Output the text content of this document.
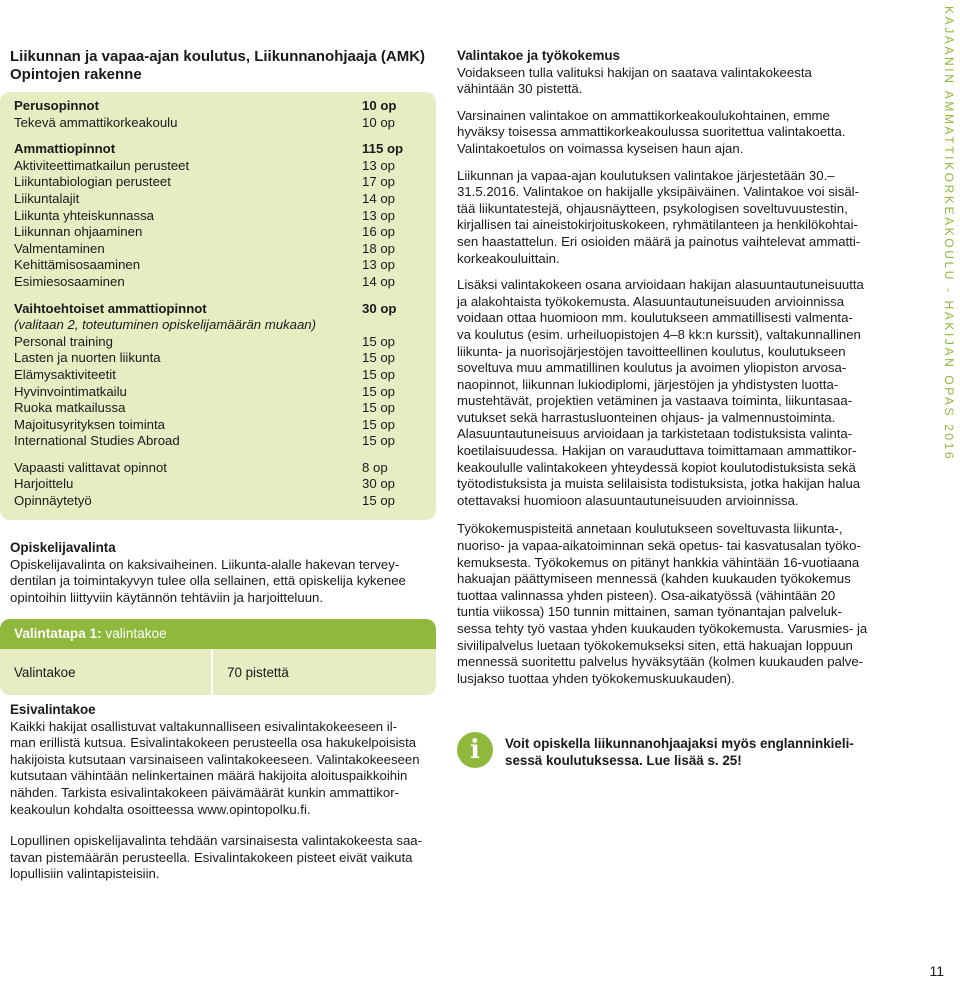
Liikunnan ja vapaa-ajan koulutus, Liikunnanohjaaja (AMK)
Opintojen rakenne
Perusopinnot	10 op
Tekevä ammattikorkeakoulu	10 op
Ammattiopinnot	115 op
Aktiviteettimatkailun perusteet	13 op
Liikuntabiologian perusteet	17 op
Liikuntalajit	14 op
Liikunta yhteiskunnassa	13 op
Liikunnan ohjaaminen	16 op
Valmentaminen	18 op
Kehittämisosaaminen	13 op
Esimiesosaaminen	14 op
Vaihtoehtoiset ammattiopinnot	30 op
(valitaan 2, toteutuminen opiskelijamäärän mukaan)
Personal training	15 op
Lasten ja nuorten liikunta	15 op
Elämysaktiviteetit	15 op
Hyvinvointimatkailu	15 op
Ruoka matkailussa	15 op
Majoitusyrityksen toiminta	15 op
International Studies Abroad	15 op
Vapaasti valittavat opinnot	8 op
Harjoittelu	30 op
Opinnäytetyö	15 op
Opiskelijavalinta
Opiskelijavalinta on kaksivaiheinen. Liikunta-alalle hakevan tervey-
dentilan ja toimintakyvyn tulee olla sellainen, että opiskelija kykenee
opintoihin liittyviin käytännön tehtäviin ja harjoitteluun.
Valintatapa 1: valintakoe
Valintakoe	70 pistettä
Esivalintakoe
Kaikki hakijat osallistuvat valtakunnalliseen esivalintakokeeseen il-
man erillistä kutsua. Esivalintakokeen perusteella osa hakukelpoisista
hakijoista kutsutaan varsinaiseen valintakokeeseen. Valintakokeeseen
kutsutaan vähintään nelinkertainen määrä hakijoita aloituspaikkoihin
nähden. Tarkista esivalintakokeen päivämäärät kunkin ammattikor-
keakoulun kohdalta osoitteessa www.opintopolku.fi.
Lopullinen opiskelijavalinta tehdään varsinaisesta valintakokeesta saa-
tavan pistemäärän perusteella. Esivalintakokeen pisteet eivät vaikuta
lopullisiin valintapisteisiin.
Valintakoe ja työkokemus
Voidakseen tulla valituksi hakijan on saatava valintakokeesta
vähintään 30 pistettä.
Varsinainen valintakoe on ammattikorkeakoulukohtainen, emme
hyväksy toisessa ammattikorkeakoulussa suoritettua valintakoetta.
Valintakoetulos on voimassa kyseisen haun ajan.
Liikunnan ja vapaa-ajan koulutuksen valintakoe järjestetään 30.–
31.5.2016. Valintakoe on hakijalle yksipäiväinen. Valintakoe voi sisäl-
tää liikuntatestejä, ohjausnäytteen, psykologisen soveltuvuustestin,
kirjallisen tai aineistokirjoituskokeen, ryhmätilanteen ja henkilökohtai-
sen haastattelun. Eri osioiden määrä ja painotus vaihtelevat ammatti-
korkeakouluittain.
Lisäksi valintakokeen osana arvioidaan hakijan alasuuntautuneisuutta
ja alakohtaista työkokemusta. Alasuuntautuneisuuden arvioinnissa
voidaan ottaa huomioon mm. koulutukseen ammatillisesti valmenta-
va koulutus (esim. urheiluopistojen 4–8 kk:n kurssit), valtakunnallinen
liikunta- ja nuorisojärjestöjen tavoitteellinen koulutus, koulutukseen
soveltuva muu ammatillinen koulutus ja avoimen yliopiston arvosa-
naopinnot, liikunnan lukiodiplomi, järjestöjen ja yhdistysten luotta-
mustehtävät, projektien vetäminen ja vastaava toiminta, liikuntasaa-
vutukset sekä harrastusluonteinen ohjaus- ja valmennustoiminta.
Alasuuntautuneisuus arvioidaan ja tarkistetaan todistuksista valinta-
koetilaisuudessa. Hakijan on varauduttava toimittamaan ammattikor-
keakoululle valintakokeen yhteydessä kopiot koulutodistuksista sekä
työtodistuksista ja muista selilaisista todistuksista, jotka hakijan halua
otettavaksi huomioon alasuuntautuneisuuden arvioinnissa.
Työkokemuspisteitä annetaan koulutukseen soveltuvasta liikunta-,
nuoriso- ja vapaa-aikatoiminnan sekä opetus- tai kasvatusalan työko-
kemuksesta. Työkokemus on pitänyt hankkia vähintään 16-vuotiaana
hakuajan päättymiseen mennessä (kahden kuukauden työkokemus
tuottaa valinnassa yhden pisteen). Osa-aikatyössä (vähintään 20
tuntia viikossa) 150 tunnin mittainen, saman työnantajan palveluk-
sessa tehty työ vastaa yhden kuukauden työkokemusta. Varusmies- ja
siviilipalvelus luetaan työkokemukseksi siten, että hakuajan loppuun
mennessä suoritettu palvelus hyväksytään (kolmen kuukauden palve-
lusjakso tuottaa yhden työkokemuskuukauden).
i	Voit opiskella liikunnanohjaajaksi myös englanninkieli-
sessä koulutuksessa. Lue lisää s. 25!
KAJAANIN AMMATTIKORKEAKOULU - HAKIJAN OPAS 2016
11
